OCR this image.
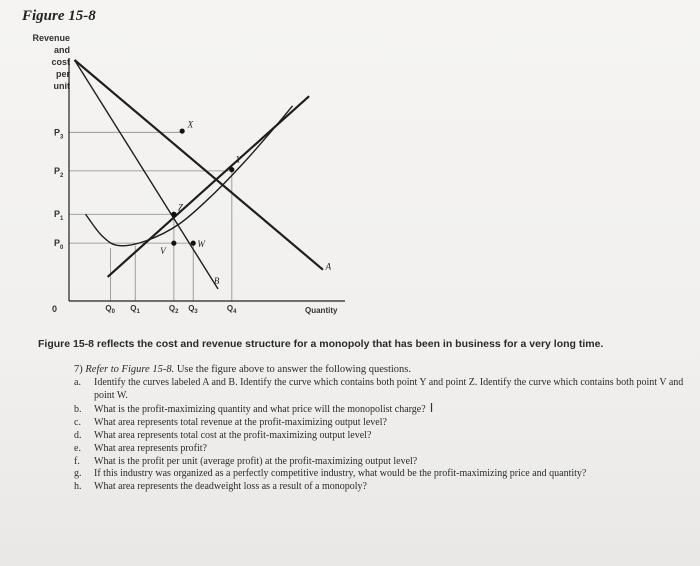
Figure 15-8
Revenue
and
cost
per
unit
X
Y
Z
W
V
A
B
$P_3$
$P_2$
$P_1$
$P_0$
$Q_0$ $Q_1$	$Q_2$ $Q_3$	$Q_4$	Quantity
0
Figure 15-8 reflects the cost and revenue structure for a monopoly that has been in business for a very long time.
7) Refer to Figure 15-8. Use the figure above to answer the following questions.
a. Identify the curves labeled A and B. Identify the curve which contains both point Y and point Z. Identify the curve which contains both point V and point W.
b. What is the profit-maximizing quantity and what price will the monopolist charge? I
c. What area represents total revenue at the profit-maximizing output level?
d. What area represents total cost at the profit-maximizing output level?
e. What area represents profit?
f. What is the profit per unit (average profit) at the profit-maximizing output level?
g. If this industry was organized as a perfectly competitive industry, what would be the profit-maximizing price and quantity?
h. What area represents the deadweight loss as a result of a monopoly?
